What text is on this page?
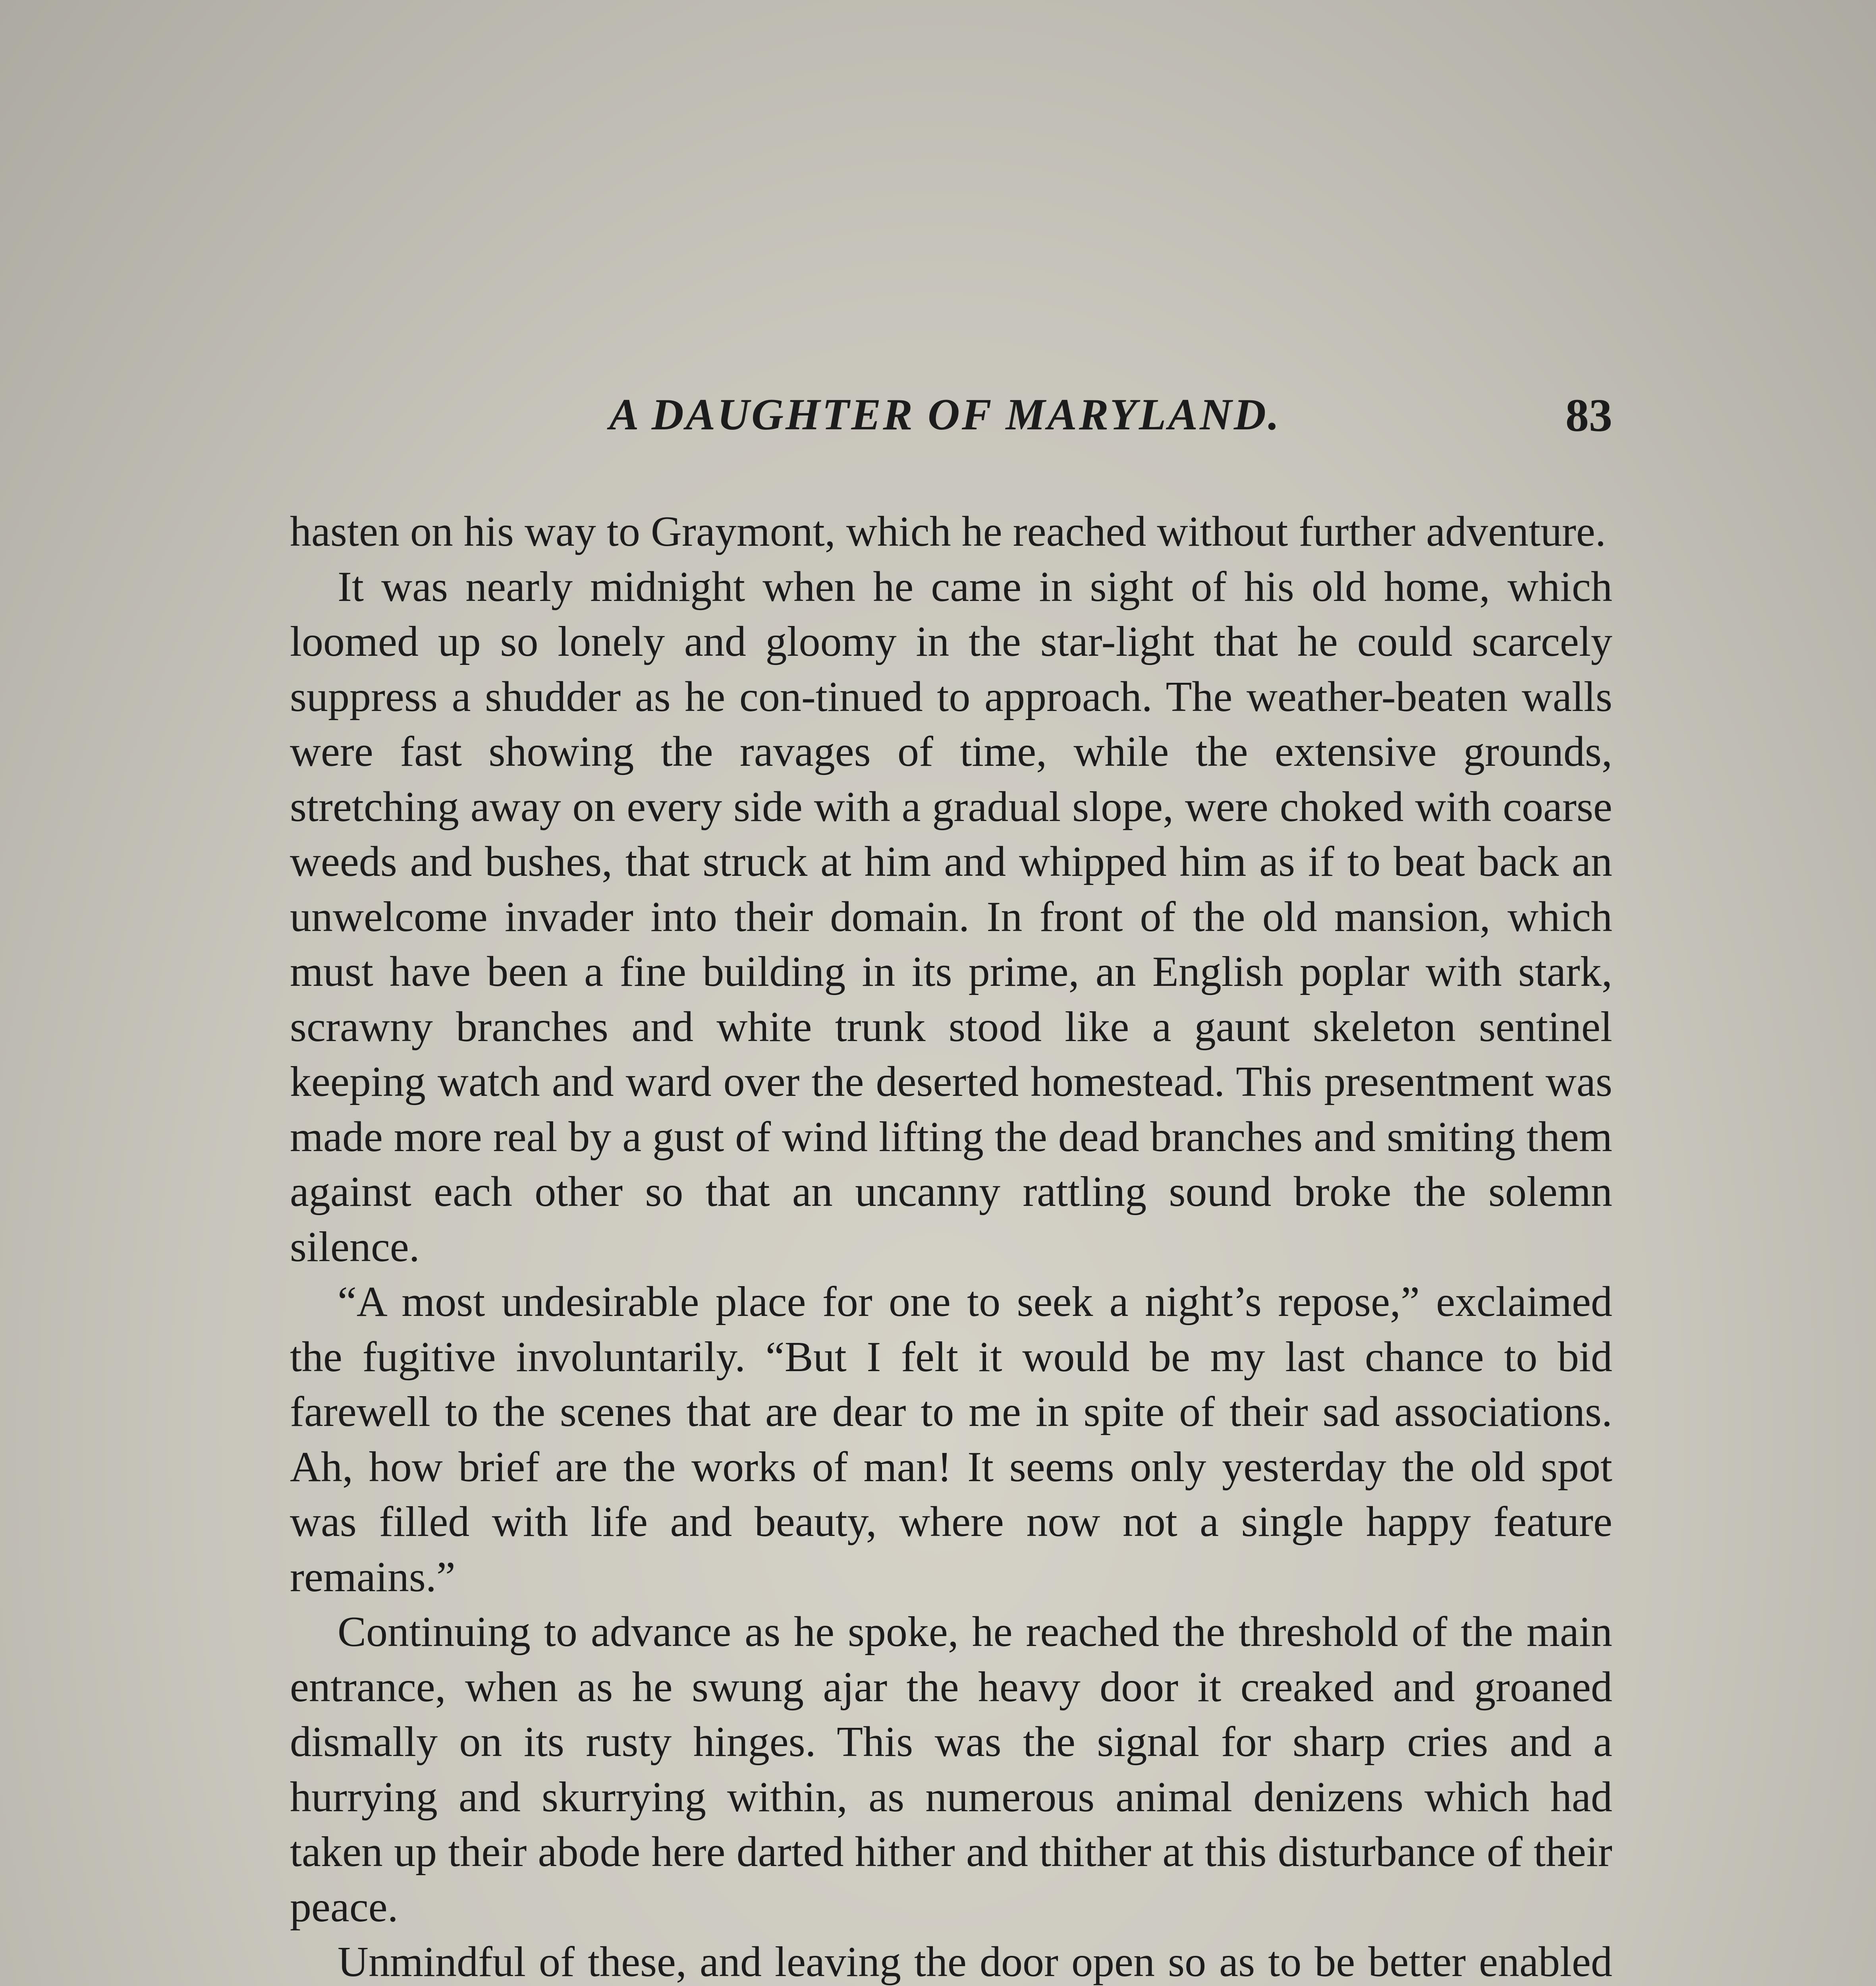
A DAUGHTER OF MARYLAND.	83

hasten on his way to Graymont, which he reached without further adventure.

It was nearly midnight when he came in sight of his old home, which loomed up so lonely and gloomy in the star-light that he could scarcely suppress a shudder as he con-tinued to approach. The weather-beaten walls were fast showing the ravages of time, while the extensive grounds, stretching away on every side with a gradual slope, were choked with coarse weeds and bushes, that struck at him and whipped him as if to beat back an unwelcome invader into their domain. In front of the old mansion, which must have been a fine building in its prime, an English poplar with stark, scrawny branches and white trunk stood like a gaunt skeleton sentinel keeping watch and ward over the deserted homestead. This presentment was made more real by a gust of wind lifting the dead branches and smiting them against each other so that an uncanny rattling sound broke the solemn silence.

“A most undesirable place for one to seek a night’s repose,” exclaimed the fugitive involuntarily. “But I felt it would be my last chance to bid farewell to the scenes that are dear to me in spite of their sad associations. Ah, how brief are the works of man! It seems only yesterday the old spot was filled with life and beauty, where now not a single happy feature remains.”

Continuing to advance as he spoke, he reached the threshold of the main entrance, when as he swung ajar the heavy door it creaked and groaned dismally on its rusty hinges. This was the signal for sharp cries and a hurrying and skurrying within, as numerous animal denizens which had taken up their abode here darted hither and thither at this disturbance of their peace.

Unmindful of these, and leaving the door open so as to be better enabled
